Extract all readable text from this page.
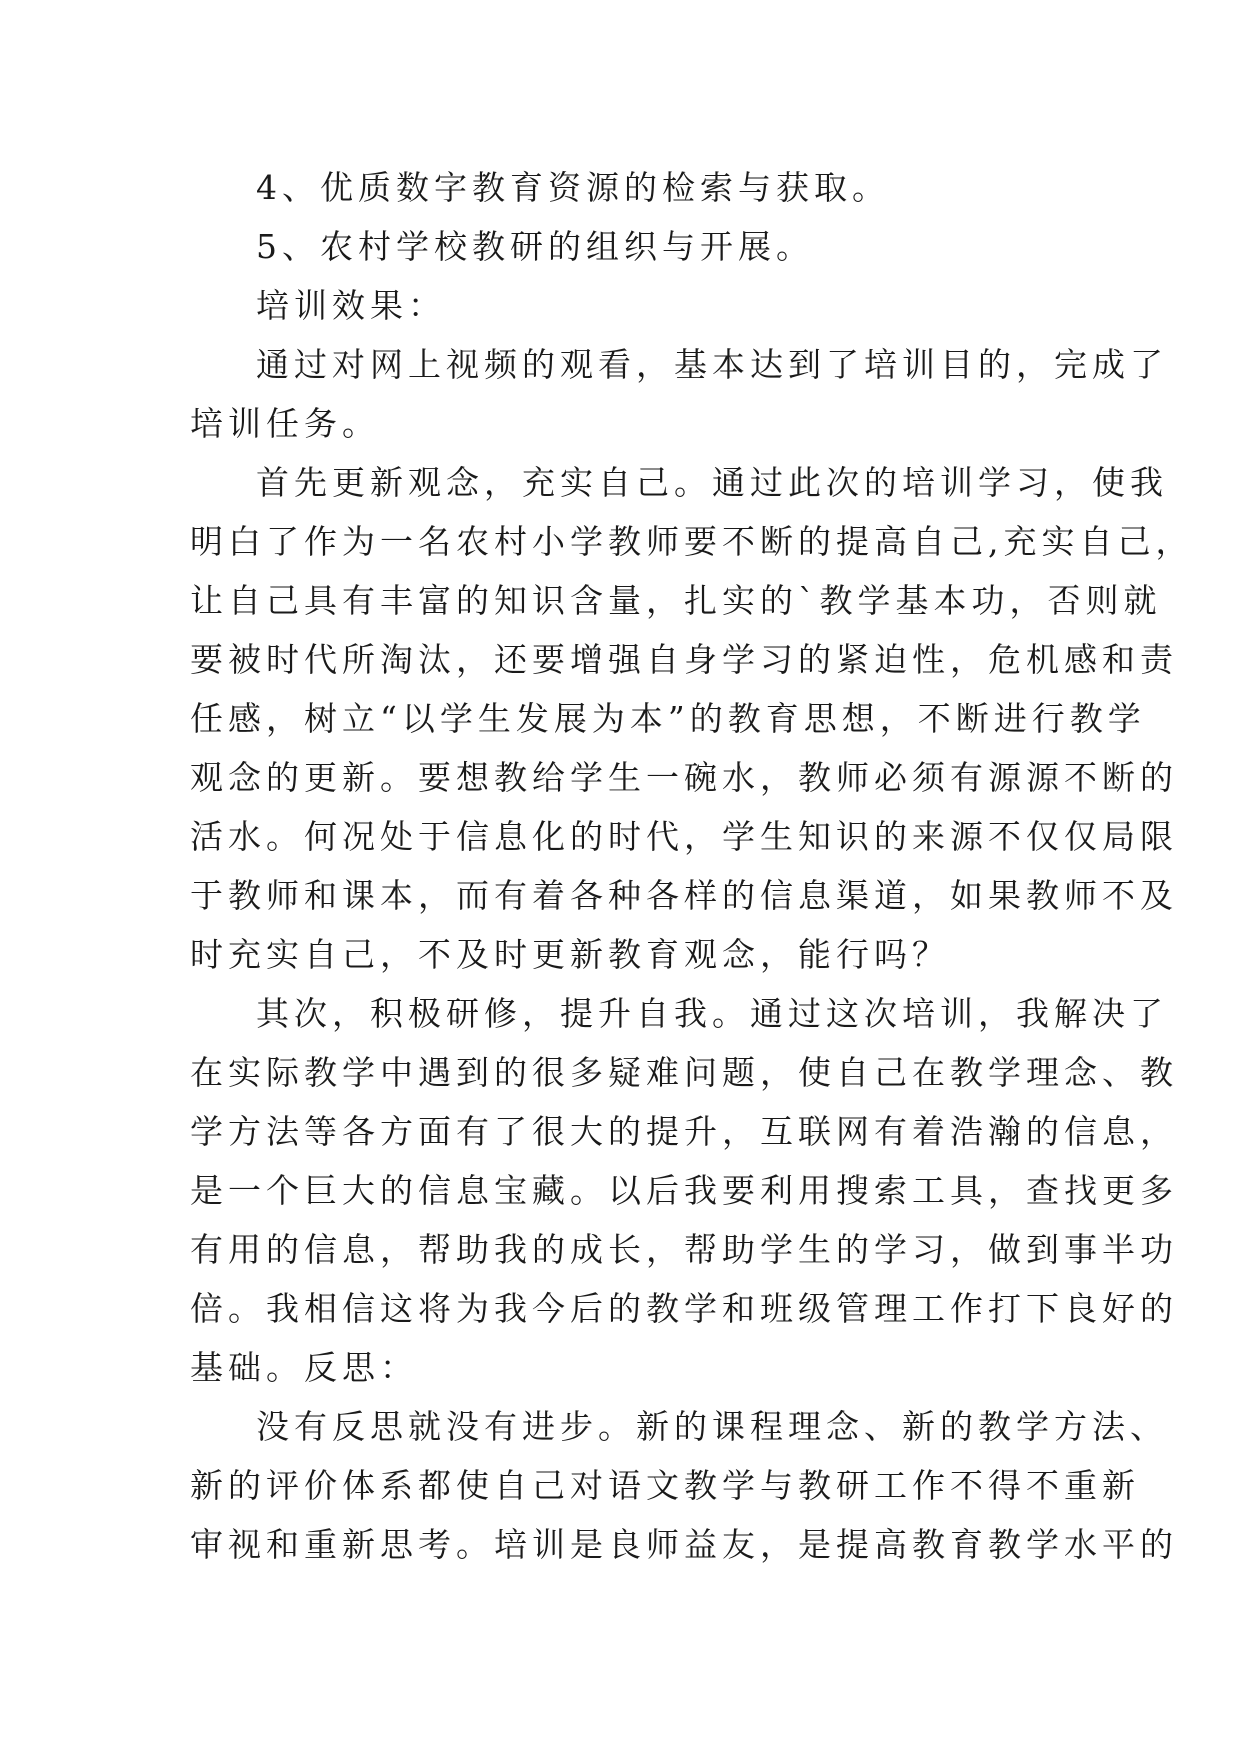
4、优质数字教育资源的检索与获取。
5、农村学校教研的组织与开展。
培训效果：
通过对网上视频的观看，基本达到了培训目的，完成了
培训任务。
首先更新观念，充实自己。通过此次的培训学习，使我
明白了作为一名农村小学教师要不断的提高自己,充实自己，
让自己具有丰富的知识含量，扎实的`教学基本功，否则就
要被时代所淘汰，还要增强自身学习的紧迫性，危机感和责
任感，树立“以学生发展为本”的教育思想，不断进行教学
观念的更新。要想教给学生一碗水，教师必须有源源不断的
活水。何况处于信息化的时代，学生知识的来源不仅仅局限
于教师和课本，而有着各种各样的信息渠道，如果教师不及
时充实自己，不及时更新教育观念，能行吗？
其次，积极研修，提升自我。通过这次培训，我解决了
在实际教学中遇到的很多疑难问题，使自己在教学理念、教
学方法等各方面有了很大的提升，互联网有着浩瀚的信息，
是一个巨大的信息宝藏。以后我要利用搜索工具，查找更多
有用的信息，帮助我的成长，帮助学生的学习，做到事半功
倍。我相信这将为我今后的教学和班级管理工作打下良好的
基础。反思：
没有反思就没有进步。新的课程理念、新的教学方法、
新的评价体系都使自己对语文教学与教研工作不得不重新
审视和重新思考。培训是良师益友，是提高教育教学水平的
